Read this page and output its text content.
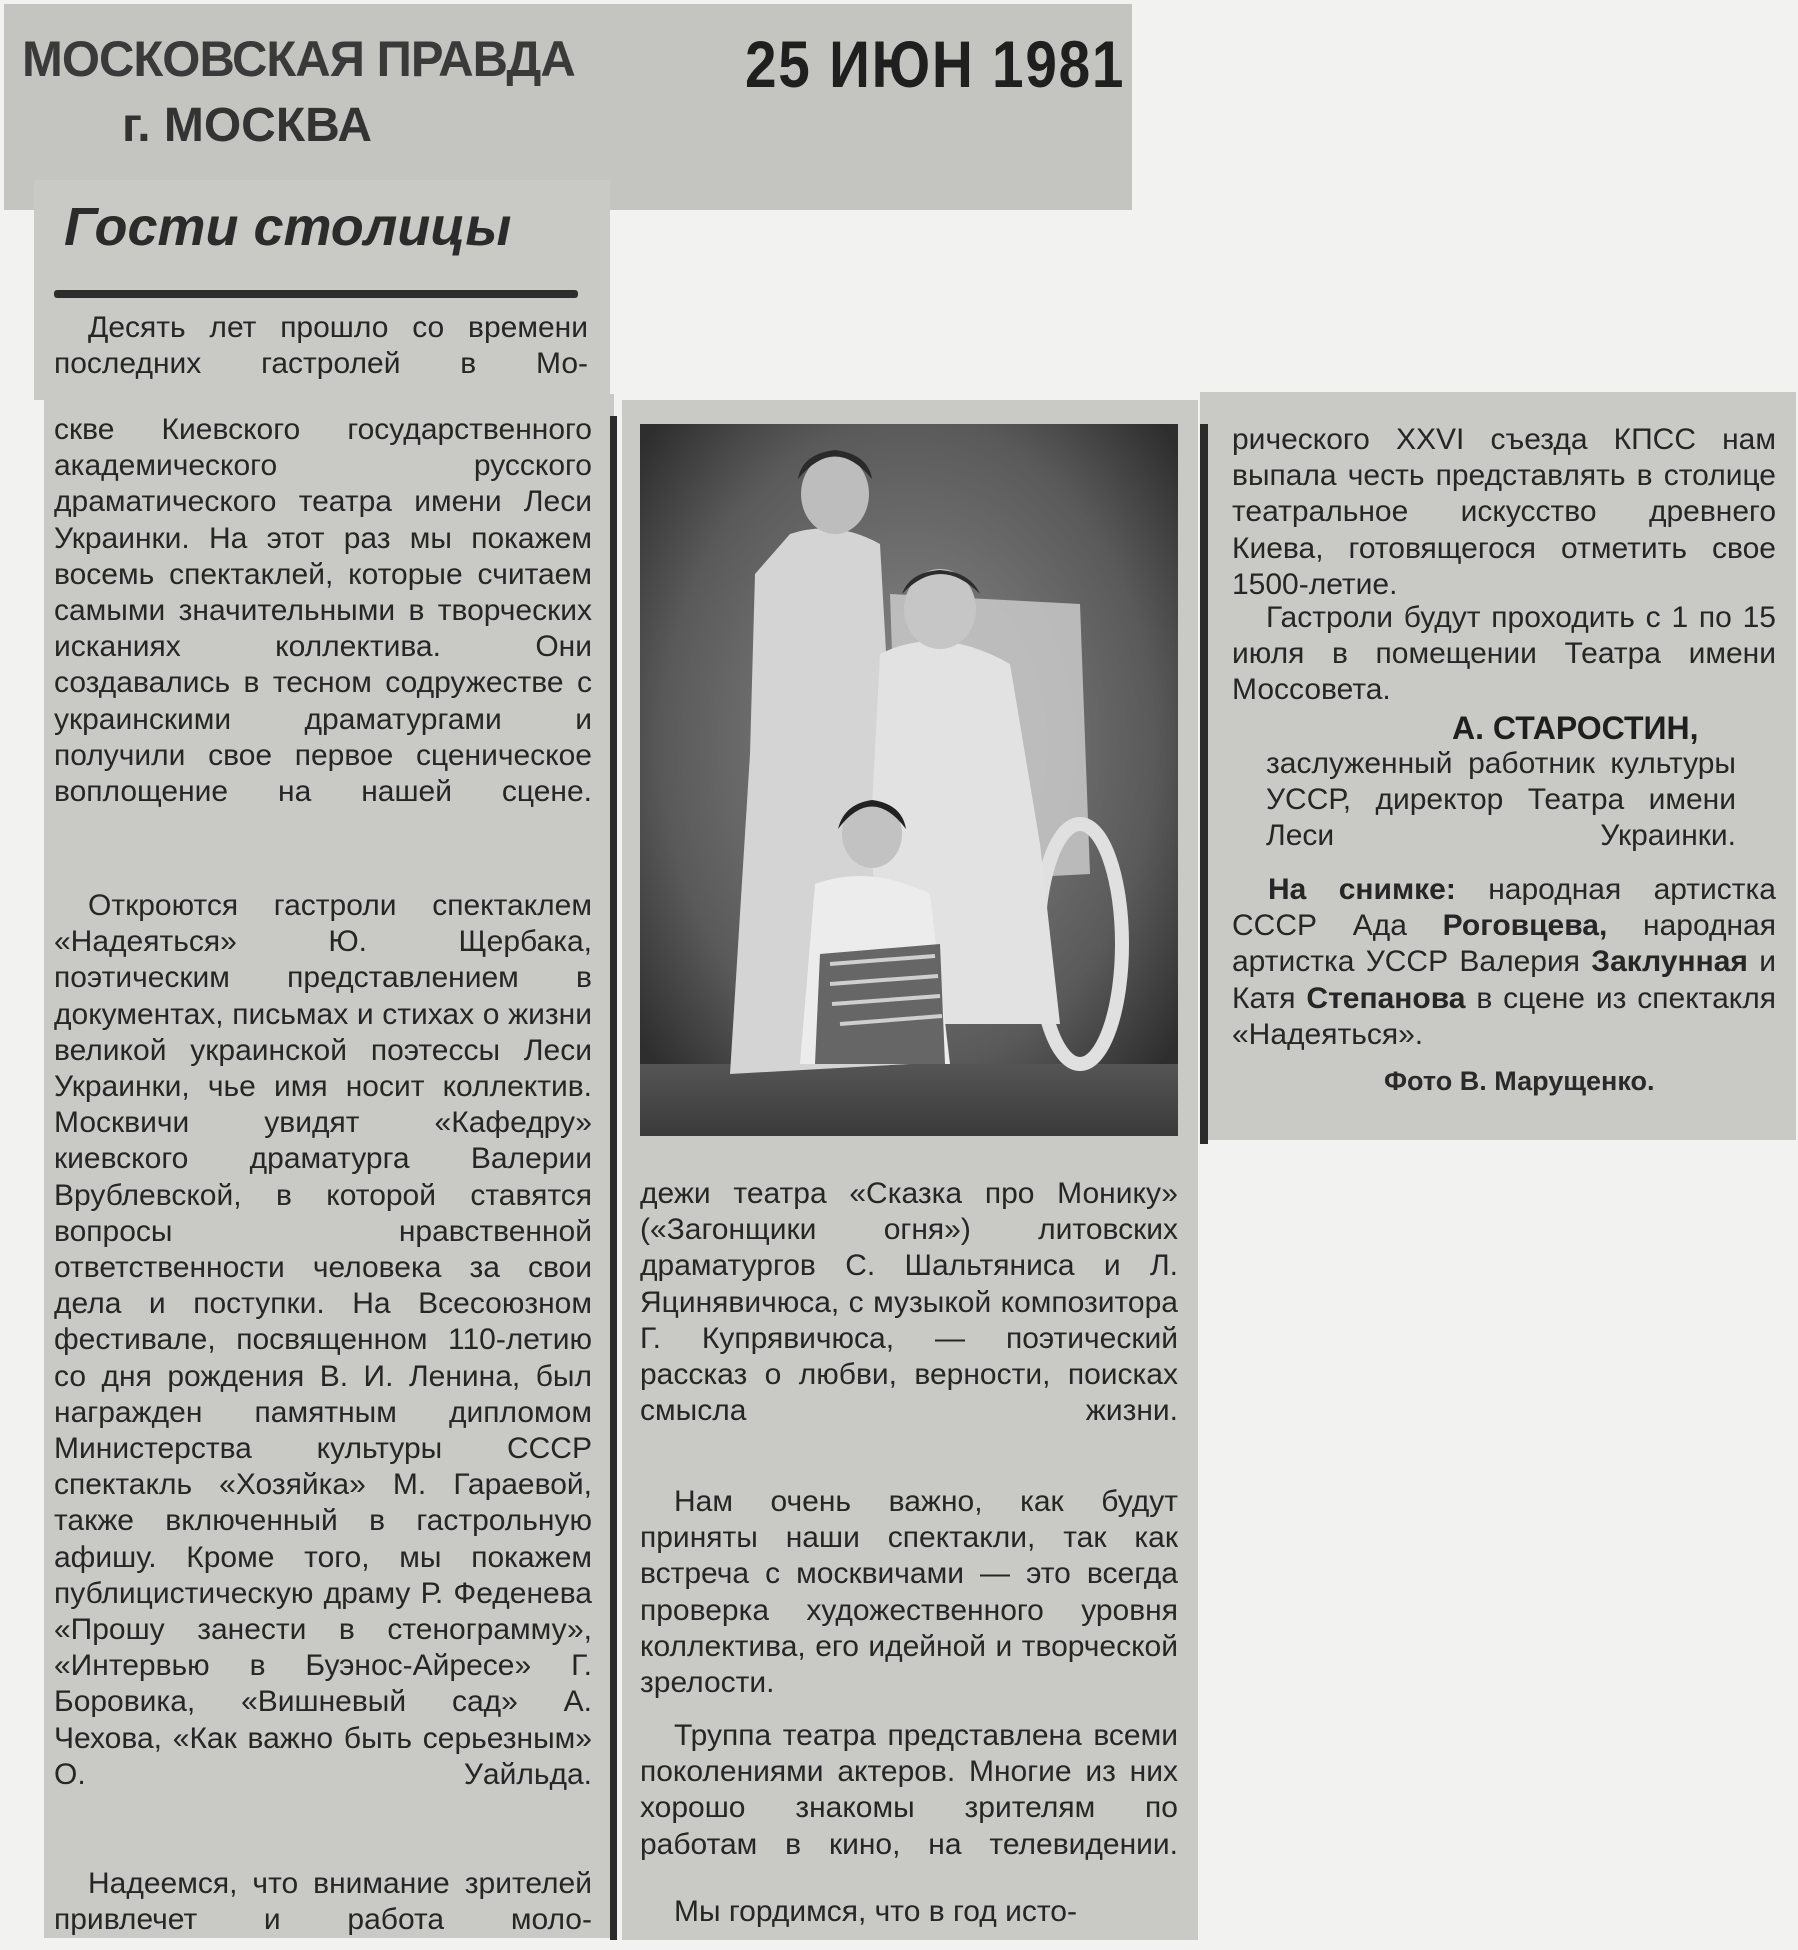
МОСКОВСКАЯ ПРАВДА
г. МОСКВА
25 ИЮН 1981
Гости столицы

Десять лет прошло со времени последних гастролей в Мо-

скве Киевского государственного академического русского драматического театра имени Леси Украинки. На этот раз мы покажем восемь спектаклей, которые считаем самыми значительными в творческих исканиях коллектива. Они создавались в тесном содружестве с украинскими драматургами и получили свое первое сценическое воплощение на нашей сцене.

Откроются гастроли спектаклем «Надеяться» Ю. Щербака, поэтическим представлением в документах, письмах и стихах о жизни великой украинской поэтессы Леси Украинки, чье имя носит коллектив. Москвичи увидят «Кафедру» киевского драматурга Валерии Врублевской, в которой ставятся вопросы нравственной ответственности человека за свои дела и поступки. На Всесоюзном фестивале, посвященном 110-летию со дня рождения В. И. Ленина, был награжден памятным дипломом Министерства культуры СССР спектакль «Хозяйка» М. Гараевой, также включенный в гастрольную афишу. Кроме того, мы покажем публицистическую драму Р. Феденева «Прошу занести в стенограмму», «Интервью в Буэнос-Айресе» Г. Боровика, «Вишневый сад» А. Чехова, «Как важно быть серьезным» О. Уайльда.

Надеемся, что внимание зрителей привлечет и работа моло-

дежи театра «Сказка про Монику» («Загонщики огня») литовских драматургов С. Шальтяниса и Л. Яцинявичюса, с музыкой композитора Г. Купрявичюса, — поэтический рассказ о любви, верности, поисках смысла жизни.

Нам очень важно, как будут приняты наши спектакли, так как встреча с москвичами — это всегда проверка художественного уровня коллектива, его идейной и творческой зрелости.

Труппа театра представлена всеми поколениями актеров. Многие из них хорошо знакомы зрителям по работам в кино, на телевидении.

Мы гордимся, что в год исто-

рического XXVI съезда КПСС нам выпала честь представлять в столице театральное искусство древнего Киева, готовящегося отметить свое 1500-летие.

Гастроли будут проходить с 1 по 15 июля в помещении Театра имени Моссовета.

А. СТАРОСТИН,

заслуженный работник культуры УССР, директор Театра имени Леси Украинки.

На снимке: народная артистка СССР Ада Роговцева, народная артистка УССР Валерия Заклунная и Катя Степанова в сцене из спектакля «Надеяться».

Фото В. Марущенко.
